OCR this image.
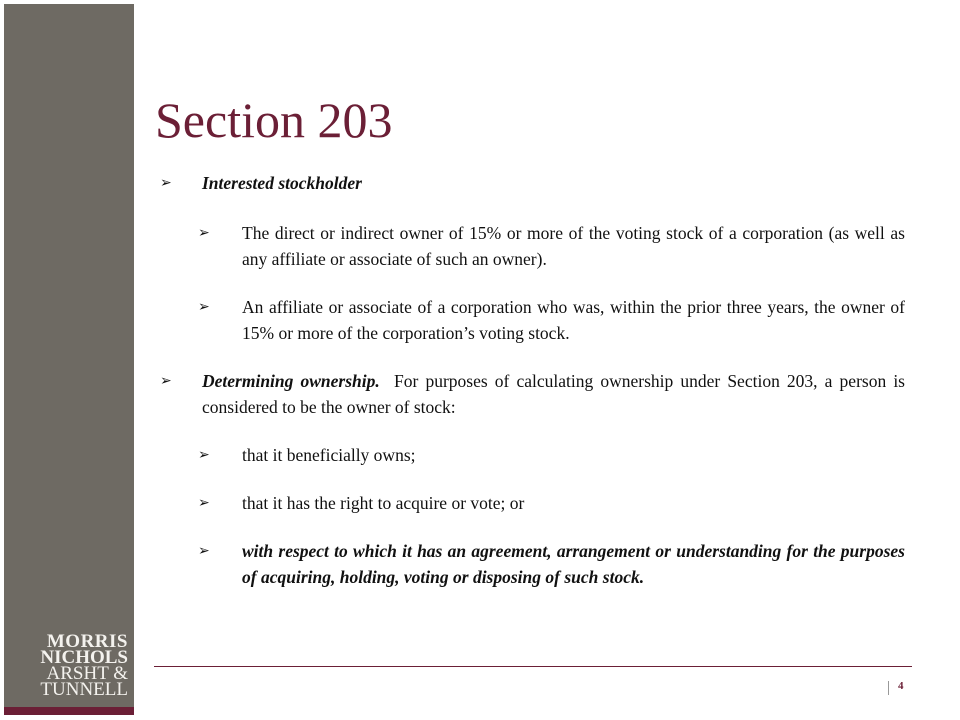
MORRIS
NICHOLS
ARSHT &
TUNNELL
Section 203
➢ Interested stockholder
➢ The direct or indirect owner of 15% or more of the voting stock of a corporation (as well as any affiliate or associate of such an owner).
➢ An affiliate or associate of a corporation who was, within the prior three years, the owner of 15% or more of the corporation’s voting stock.
➢ Determining ownership. For purposes of calculating ownership under Section 203, a person is considered to be the owner of stock:
➢ that it beneficially owns;
➢ that it has the right to acquire or vote; or
➢ with respect to which it has an agreement, arrangement or understanding for the purposes of acquiring, holding, voting or disposing of such stock.
4
